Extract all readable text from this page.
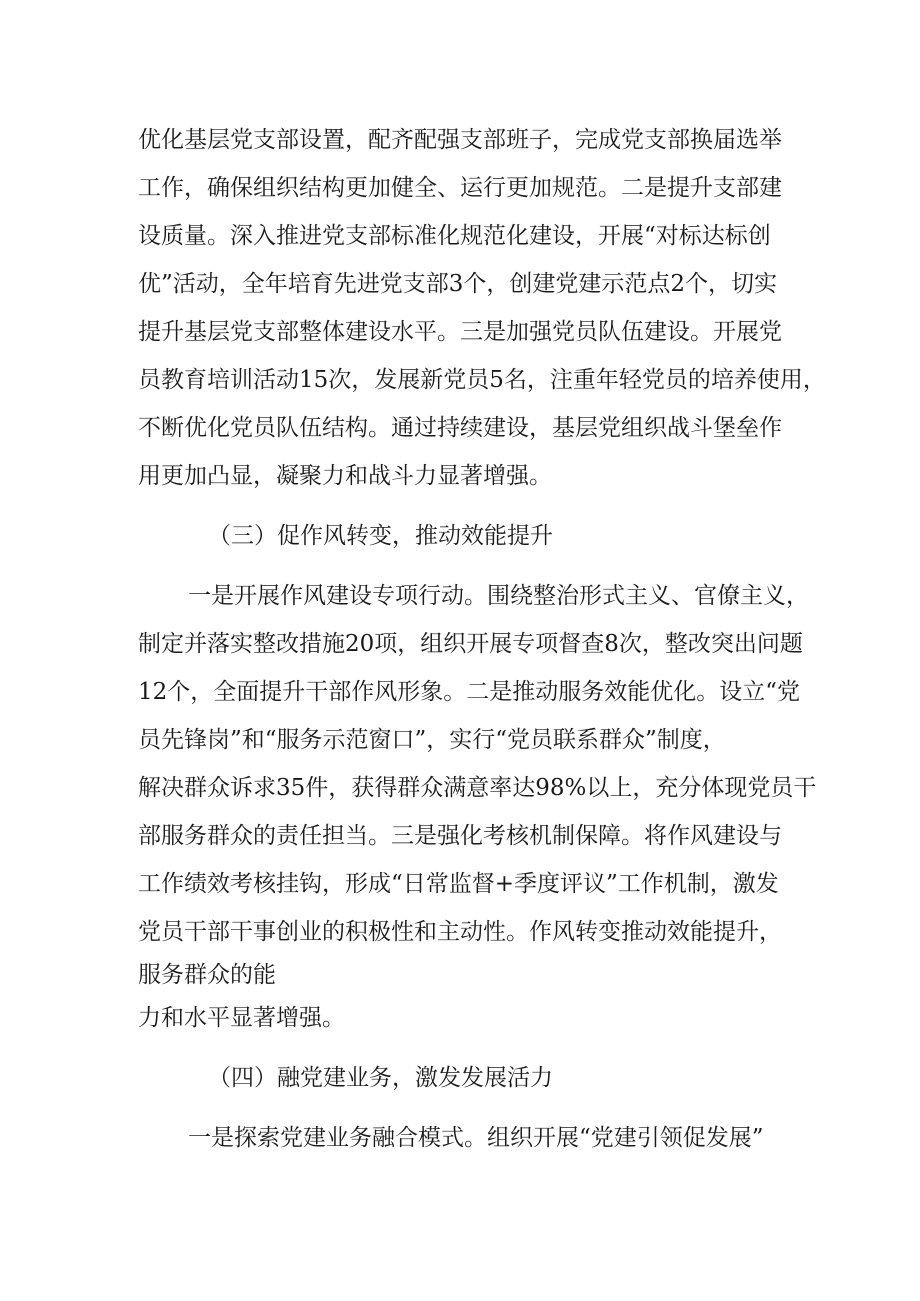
优化基层党支部设置，配齐配强支部班子，完成党支部换届选举
工作，确保组织结构更加健全、运行更加规范。二是提升支部建
设质量。深入推进党支部标准化规范化建设，开展“对标达标创
优”活动，全年培育先进党支部3个，创建党建示范点2个，切实
提升基层党支部整体建设水平。三是加强党员队伍建设。开展党
员教育培训活动15次，发展新党员5名，注重年轻党员的培养使用，
不断优化党员队伍结构。通过持续建设，基层党组织战斗堡垒作
用更加凸显，凝聚力和战斗力显著增强。
（三）促作风转变，推动效能提升
一是开展作风建设专项行动。围绕整治形式主义、官僚主义，
制定并落实整改措施20项，组织开展专项督查8次，整改突出问题
12个，全面提升干部作风形象。二是推动服务效能优化。设立“党
员先锋岗”和“服务示范窗口”，实行“党员联系群众”制度，
解决群众诉求35件，获得群众满意率达98%以上，充分体现党员干
部服务群众的责任担当。三是强化考核机制保障。将作风建设与
工作绩效考核挂钩，形成“日常监督+季度评议”工作机制，激发
党员干部干事创业的积极性和主动性。作风转变推动效能提升，
服务群众的能
力和水平显著增强。
（四）融党建业务，激发发展活力
一是探索党建业务融合模式。组织开展“党建引领促发展”
